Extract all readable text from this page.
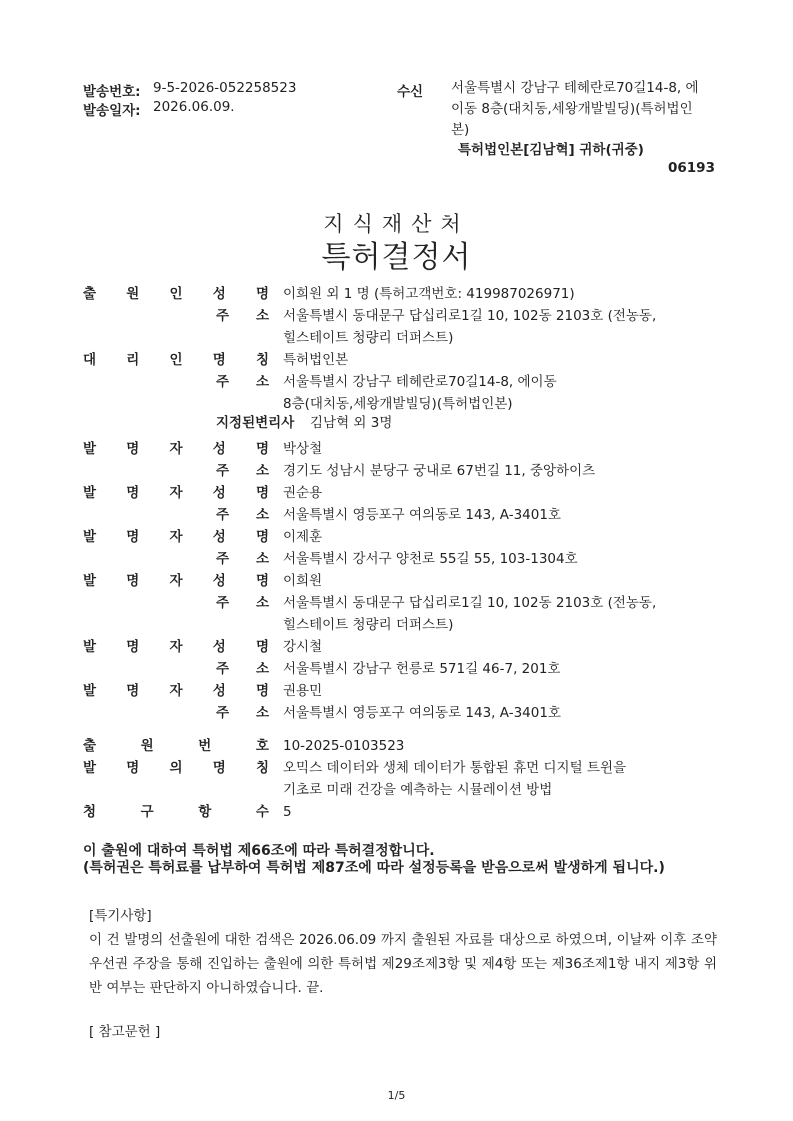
발송번호: 9-5-2026-052258523
발송일자: 2026.06.09.
수신 서울특별시 강남구 테헤란로70길14-8, 에
이동 8층(대치동,세왕개발빌딩)(특허법인
본)
특허법인본[김남혁] 귀하(귀중)
06193
지식재산처
특허결정서
출 원 인 성 명 이희원 외 1 명 (특허고객번호: 419987026971)
주 소 서울특별시 동대문구 답십리로1길 10, 102동 2103호 (전농동,
힐스테이트 청량리 더퍼스트)
대 리 인 명 칭 특허법인본
주 소 서울특별시 강남구 테헤란로70길14-8, 에이동
8층(대치동,세왕개발빌딩)(특허법인본)
지정된변리사 김남혁 외 3명
발 명 자 성 명 박상철
주 소 경기도 성남시 분당구 궁내로 67번길 11, 중앙하이츠
발 명 자 성 명 권순용
주 소 서울특별시 영등포구 여의동로 143, A-3401호
발 명 자 성 명 이제훈
주 소 서울특별시 강서구 양천로 55길 55, 103-1304호
발 명 자 성 명 이희원
주 소 서울특별시 동대문구 답십리로1길 10, 102동 2103호 (전농동,
힐스테이트 청량리 더퍼스트)
발 명 자 성 명 강시철
주 소 서울특별시 강남구 헌릉로 571길 46-7, 201호
발 명 자 성 명 권용민
주 소 서울특별시 영등포구 여의동로 143, A-3401호
출	원	번	호 10-2025-0103523
발 명 의 명 칭 오믹스 데이터와 생체 데이터가 통합된 휴먼 디지털 트윈을
기초로 미래 건강을 예측하는 시뮬레이션 방법
청	구	항	수 5
이 출원에 대하여 특허법 제66조에 따라 특허결정합니다.
(특허권은 특허료를 납부하여 특허법 제87조에 따라 설정등록을 받음으로써 발생하게 됩니다.)
[특기사항]
이 건 발명의 선출원에 대한 검색은 2026.06.09 까지 출원된 자료를 대상으로 하였으며, 이날짜 이후 조약우선권 주장을 통해 진입하는 출원에 의한 특허법 제29조제3항 및 제4항 또는 제36조제1항 내지 제3항 위반 여부는 판단하지 아니하였습니다. 끝.
[ 참고문헌 ]
1/5
